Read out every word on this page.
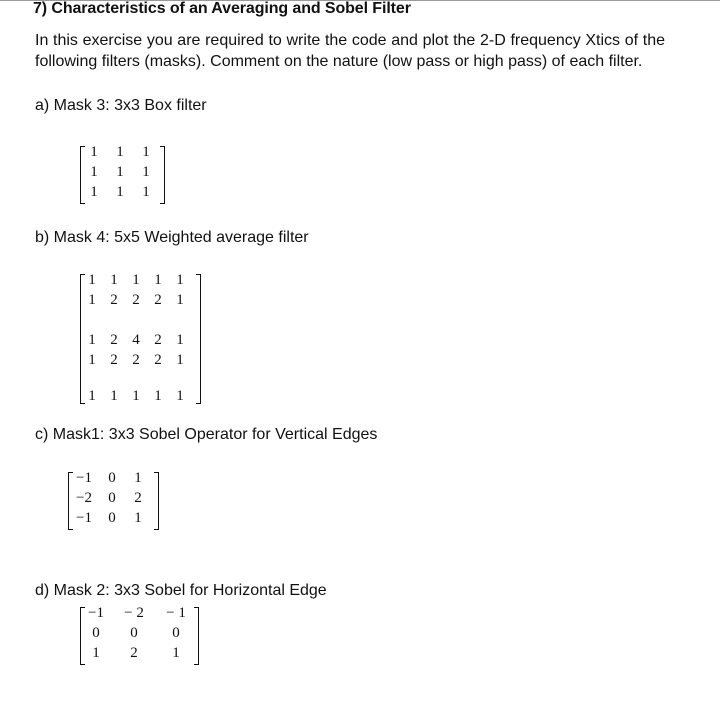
7) Characteristics of an Averaging and Sobel Filter
In this exercise you are required to write the code and plot the 2-D frequency Xtics of the following filters (masks). Comment on the nature (low pass or high pass) of each filter.
a) Mask 3: 3x3 Box filter
1	1	1
1	1	1
1	1	1
b) Mask 4: 5x5 Weighted average filter
1 1 1 1 1
1 2 2 2 1
1 2 4 2 1
1 2 2 2 1
1 1 1 1 1
c) Mask1: 3x3 Sobel Operator for Vertical Edges
−1	0	1
−2	0	2
−1	0	1
d) Mask 2: 3x3 Sobel for Horizontal Edge
−1	− 2	− 1
0	0	0
1	2	1
